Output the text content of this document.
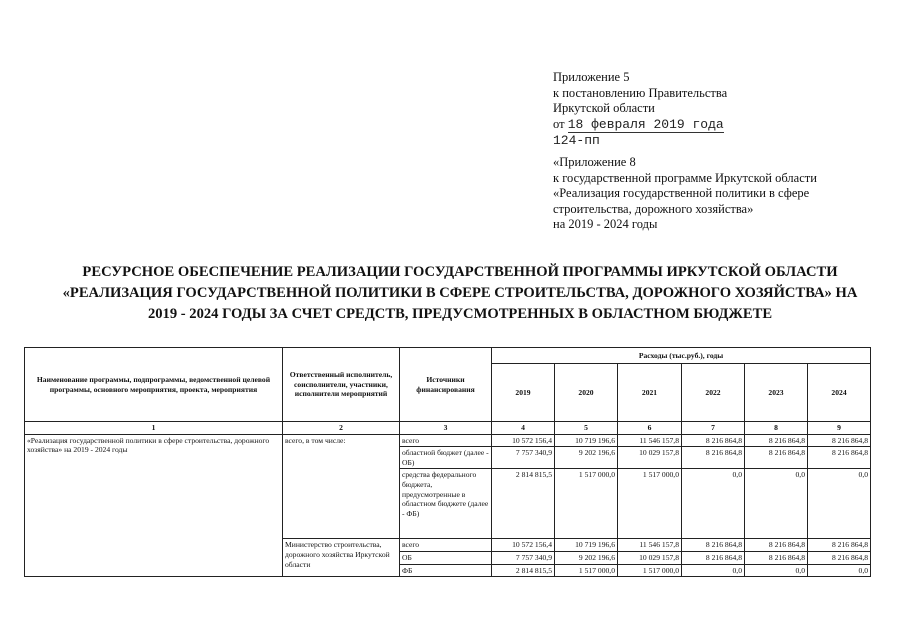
Приложение 5
к постановлению Правительства
Иркутской области
от 18 февраля 2019 года
124-пп
«Приложение 8
к государственной программе Иркутской области
«Реализация государственной политики в сфере
строительства, дорожного хозяйства»
на 2019 - 2024 годы
РЕСУРСНОЕ ОБЕСПЕЧЕНИЕ РЕАЛИЗАЦИИ ГОСУДАРСТВЕННОЙ ПРОГРАММЫ ИРКУТСКОЙ ОБЛАСТИ
«РЕАЛИЗАЦИЯ ГОСУДАРСТВЕННОЙ ПОЛИТИКИ В СФЕРЕ СТРОИТЕЛЬСТВА, ДОРОЖНОГО ХОЗЯЙСТВА» НА
2019 - 2024 ГОДЫ ЗА СЧЕТ СРЕДСТВ, ПРЕДУСМОТРЕННЫХ В ОБЛАСТНОМ БЮДЖЕТЕ
Наименование программы, подпрограммы, ведомственной целевой программы, основного мероприятия, проекта, мероприятия	Ответственный исполнитель, соисполнители, участники, исполнители мероприятий	Источники финансирования	Расходы (тыс.руб.), годы					
			2019	2020	2021	2022	2023	2024
1	2	3	4	5	6	7	8	9
«Реализация государственной политики в сфере строительства, дорожного хозяйства» на 2019 - 2024 годы	всего, в том числе:	всего	10 572 156,4	10 719 196,6	11 546 157,8	8 216 864,8	8 216 864,8	8 216 864,8
		областной бюджет (далее - ОБ)	7 757 340,9	9 202 196,6	10 029 157,8	8 216 864,8	8 216 864,8	8 216 864,8
		средства федерального бюджета, предусмотренные в областном бюджете (далее - ФБ)	2 814 815,5	1 517 000,0	1 517 000,0	0,0	0,0	0,0
	Министерство строительства, дорожного хозяйства Иркутской области	всего	10 572 156,4	10 719 196,6	11 546 157,8	8 216 864,8	8 216 864,8	8 216 864,8
		ОБ	7 757 340,9	9 202 196,6	10 029 157,8	8 216 864,8	8 216 864,8	8 216 864,8
		ФБ	2 814 815,5	1 517 000,0	1 517 000,0	0,0	0,0	0,0
